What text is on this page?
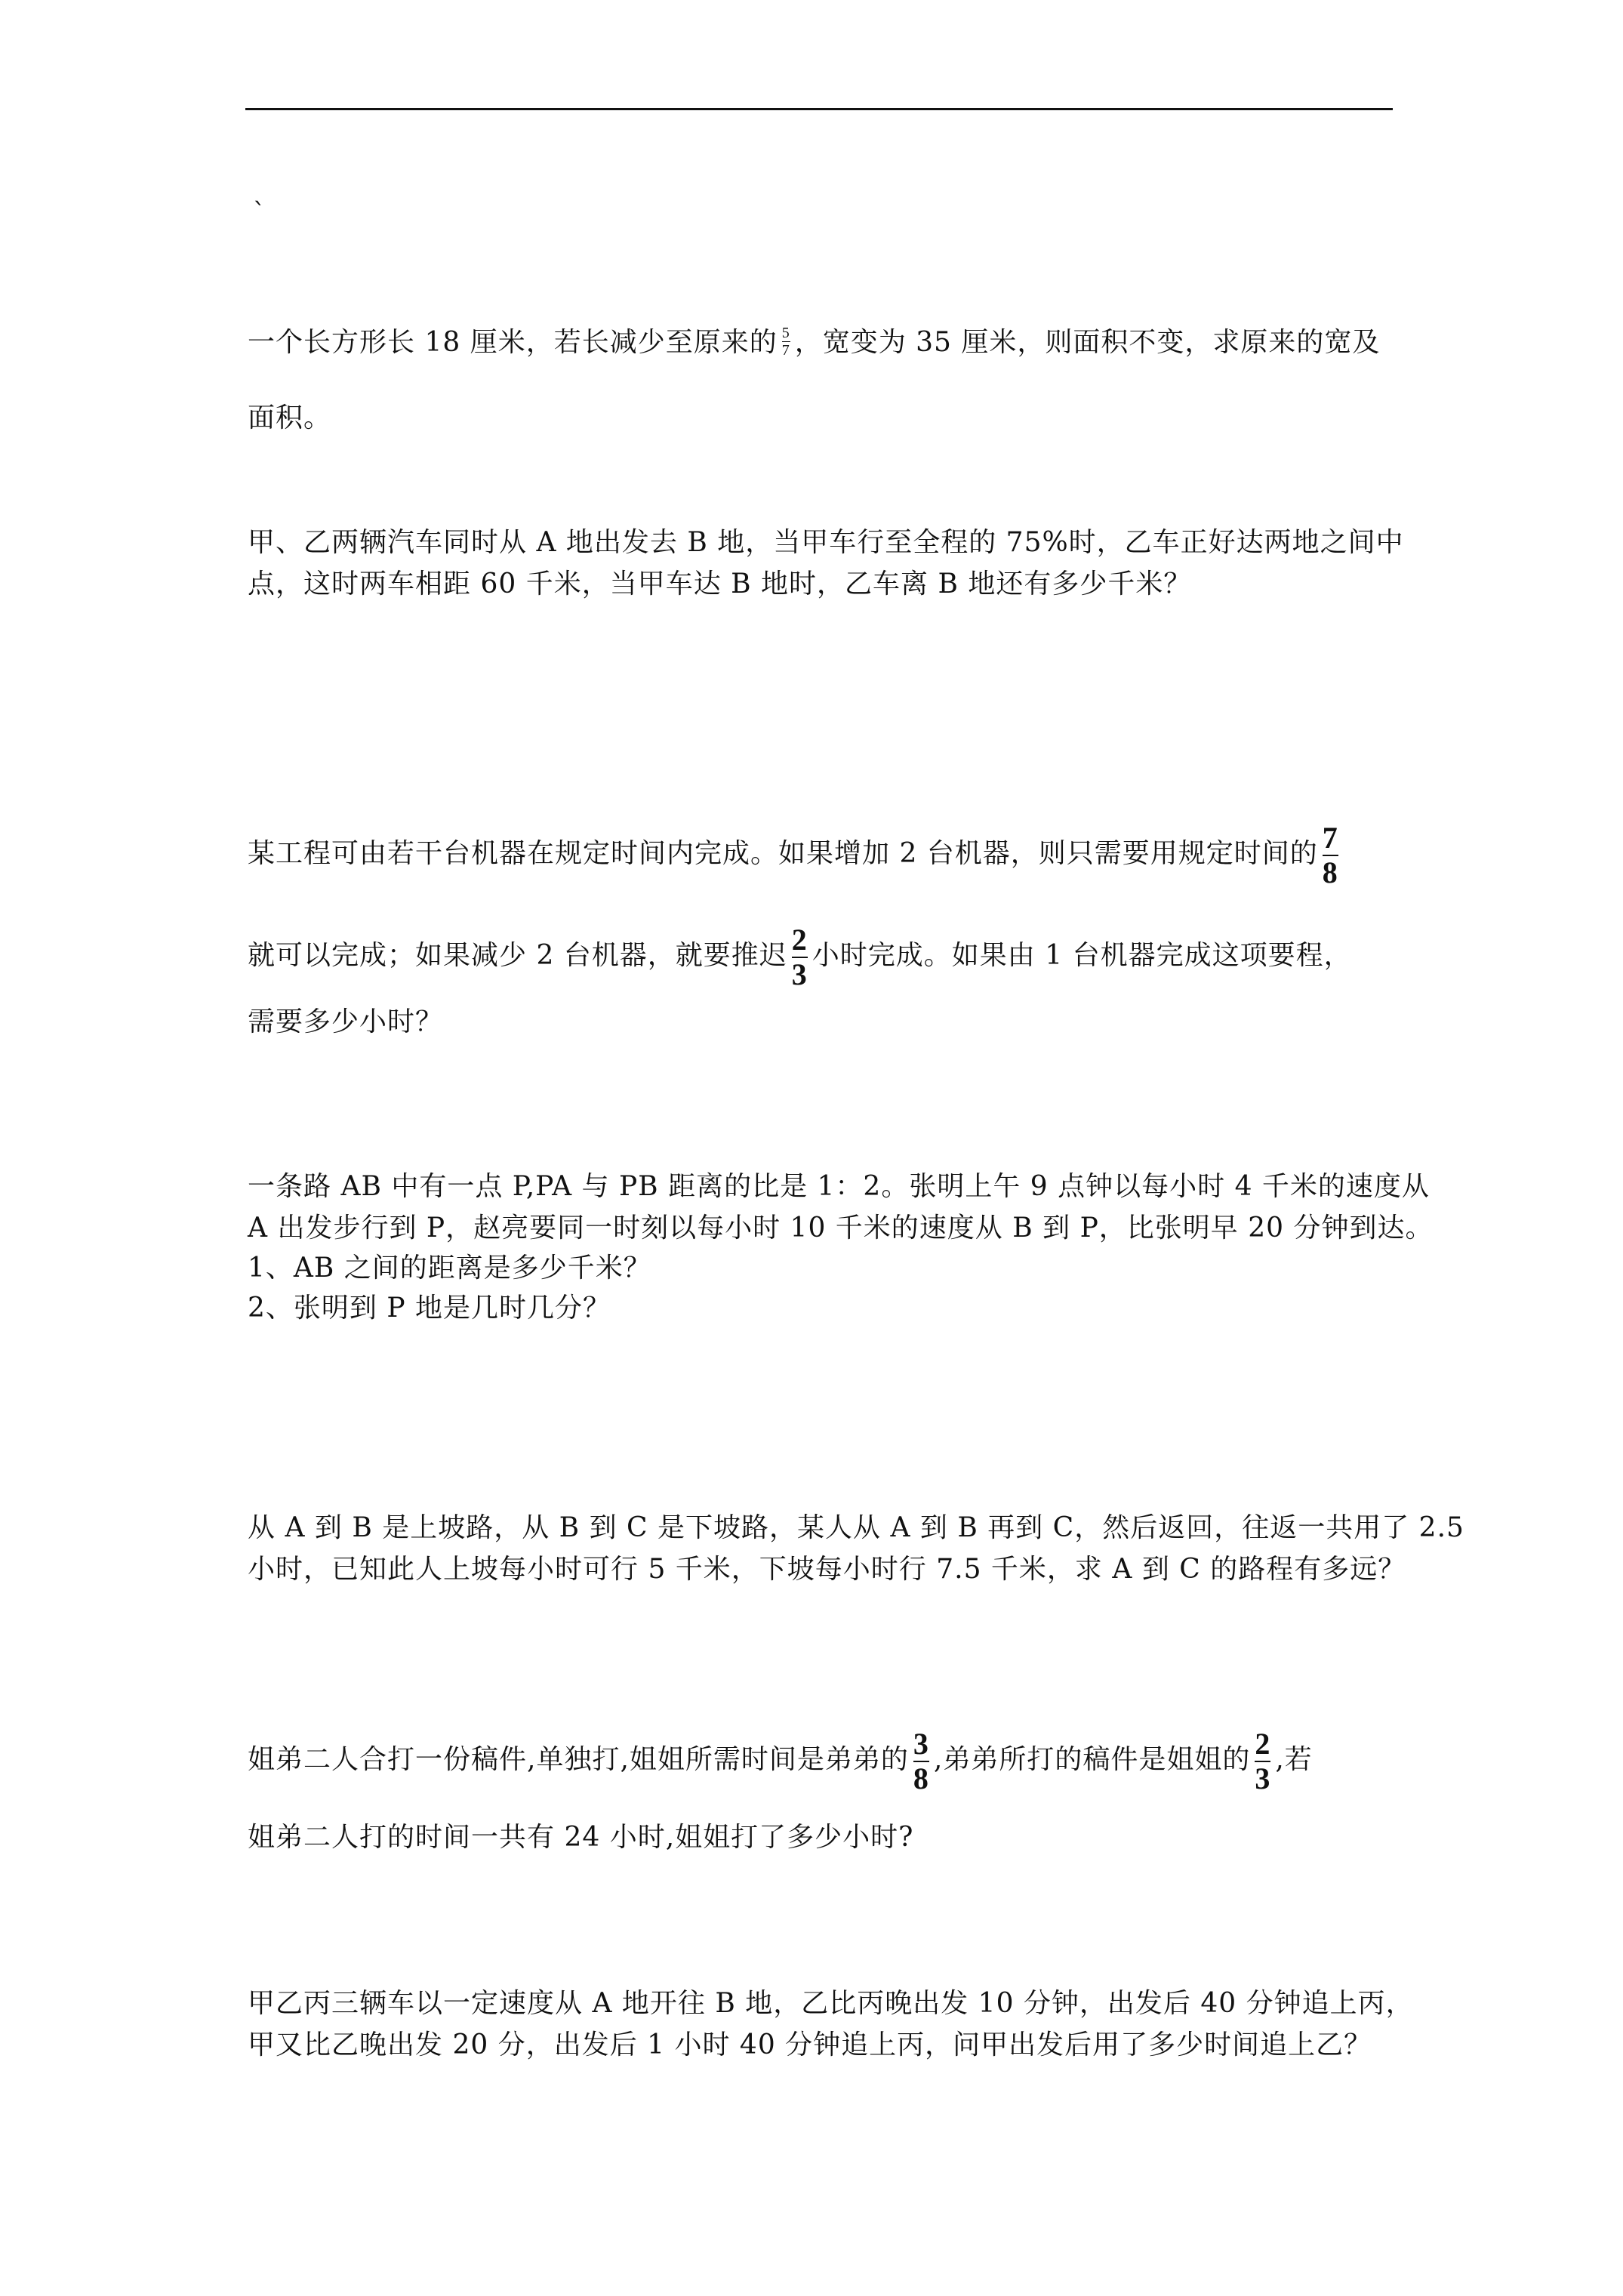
`
一个长方形长 18 厘米，若长减少至原来的 $\frac{5}{7}$ ，宽变为 35 厘米，则面积不变，求原来的宽及
面积。
甲、乙两辆汽车同时从 A 地出发去 B 地，当甲车行至全程的 75%时，乙车正好达两地之间中
点，这时两车相距 60 千米，当甲车达 B 地时，乙车离 B 地还有多少千米？
某工程可由若干台机器在规定时间内完成。如果增加 2 台机器，则只需要用规定时间的 $\frac{7}{8}$
就可以完成；如果减少 2 台机器，就要推迟 $\frac{2}{3}$ 小时完成。如果由 1 台机器完成这项要程，
需要多少小时？
一条路 AB 中有一点 P,PA 与 PB 距离的比是 1：2。张明上午 9 点钟以每小时 4 千米的速度从
A 出发步行到 P，赵亮要同一时刻以每小时 10 千米的速度从 B 到 P，比张明早 20 分钟到达。
1、AB 之间的距离是多少千米？
2、张明到 P 地是几时几分？
从 A 到 B 是上坡路，从 B 到 C 是下坡路，某人从 A 到 B 再到 C，然后返回，往返一共用了 2.5
小时，已知此人上坡每小时可行 5 千米，下坡每小时行 7.5 千米，求 A 到 C 的路程有多远？
姐弟二人合打一份稿件,单独打,姐姐所需时间是弟弟的 $\frac{3}{8}$ ,弟弟所打的稿件是姐姐的 $\frac{2}{3}$ ,若
姐弟二人打的时间一共有 24 小时,姐姐打了多少小时?
甲乙丙三辆车以一定速度从 A 地开往 B 地，乙比丙晚出发 10 分钟，出发后 40 分钟追上丙，
甲又比乙晚出发 20 分，出发后 1 小时 40 分钟追上丙，问甲出发后用了多少时间追上乙？
